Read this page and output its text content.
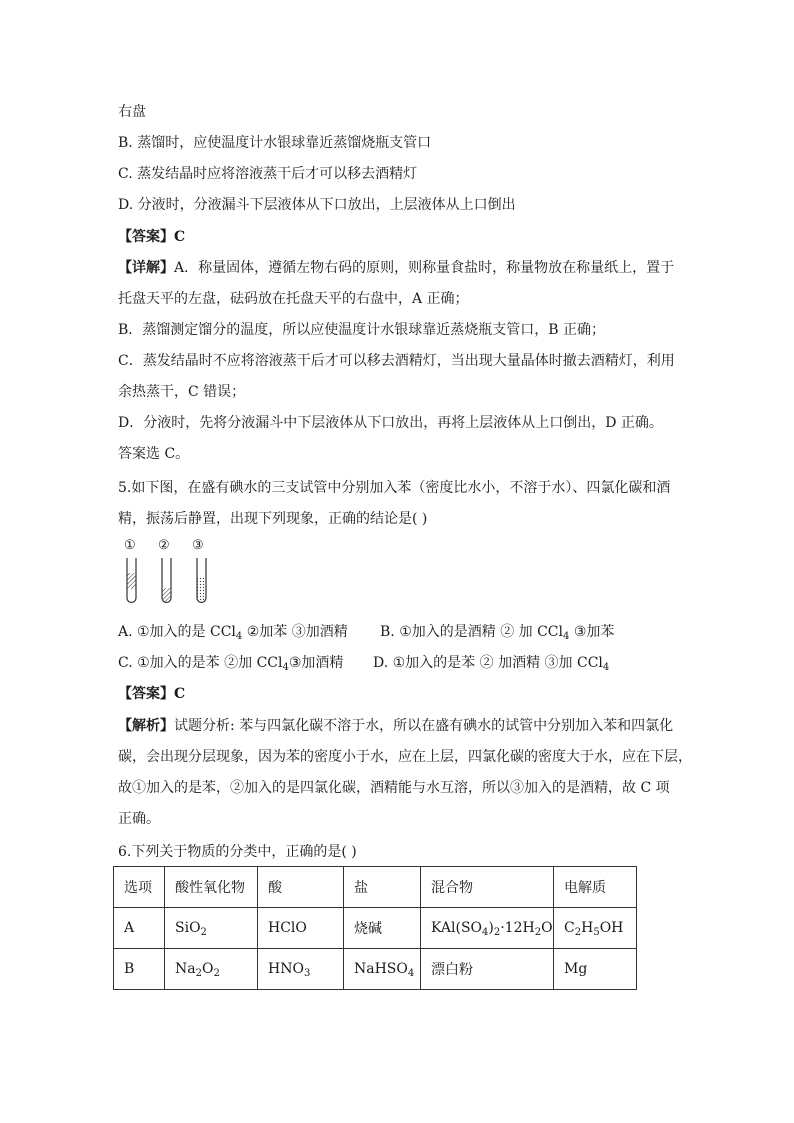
右盘
B. 蒸馏时，应使温度计水银球靠近蒸馏烧瓶支管口
C. 蒸发结晶时应将溶液蒸干后才可以移去酒精灯
D. 分液时，分液漏斗下层液体从下口放出，上层液体从上口倒出
【答案】C
【详解】A．称量固体，遵循左物右码的原则，则称量食盐时，称量物放在称量纸上，置于
托盘天平的左盘，砝码放在托盘天平的右盘中，A 正确；
B．蒸馏测定馏分的温度，所以应使温度计水银球靠近蒸烧瓶支管口，B 正确；
C．蒸发结晶时不应将溶液蒸干后才可以移去酒精灯，当出现大量晶体时撤去酒精灯，利用
余热蒸干，C 错误；
D．分液时，先将分液漏斗中下层液体从下口放出，再将上层液体从上口倒出，D 正确。
答案选 C。
5.如下图，在盛有碘水的三支试管中分别加入苯（密度比水小，不溶于水）、四氯化碳和酒
精，振荡后静置，出现下列现象，正确的结论是( )
① ② ③
A. ①加入的是 CCl$_4$ ②加苯 ③加酒精 B. ①加入的是酒精 ② 加 CCl$_4$ ③加苯
C. ①加入的是苯 ②加 CCl$_4$③加酒精 D. ①加入的是苯 ② 加酒精 ③加 CCl$_4$
【答案】C
【解析】试题分析: 苯与四氯化碳不溶于水，所以在盛有碘水的试管中分别加入苯和四氯化
碳，会出现分层现象，因为苯的密度小于水，应在上层，四氯化碳的密度大于水，应在下层，
故①加入的是苯，②加入的是四氯化碳，酒精能与水互溶，所以③加入的是酒精，故 C 项
正确。
6.下列关于物质的分类中，正确的是( )
选项	酸性氧化物	酸	盐	混合物	电解质
A	SiO$_2$	HClO	烧碱	$KAl(SO_4)_2\cdot 12H_2O$	$C_2H_5OH$
B	$Na_2O_2$	$HNO_3$	NaHSO$_4$	漂白粉	Mg
